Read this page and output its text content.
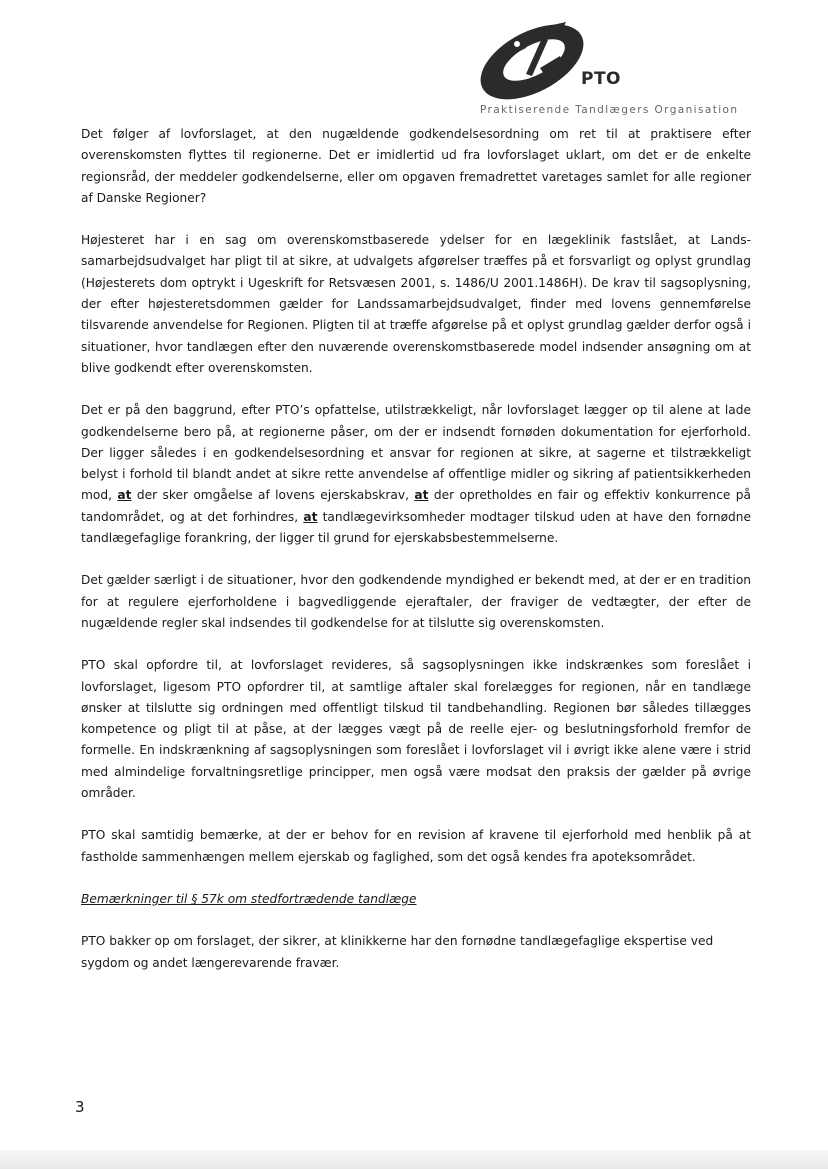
PTO
Praktiserende Tandlægers Organisation

Det følger af lovforslaget, at den nugældende godkendelsesordning om ret til at praktisere efter overenskomsten flyttes til regionerne. Det er imidlertid ud fra lovforslaget uklart, om det er de enkelte regionsråd, der meddeler godkendelserne, eller om opgaven fremadrettet varetages samlet for alle regioner af Danske Regioner?

Højesteret har i en sag om overenskomstbaserede ydelser for en lægeklinik fastslået, at Lands-samarbejdsudvalget har pligt til at sikre, at udvalgets afgørelser træffes på et forsvarligt og oplyst grundlag (Højesterets dom optrykt i Ugeskrift for Retsvæsen 2001, s. 1486/U 2001.1486H). De krav til sagsoplysning, der efter højesteretsdommen gælder for Landssamarbejdsudvalget, finder med lovens gennemførelse tilsvarende anvendelse for Regionen. Pligten til at træffe afgørelse på et oplyst grundlag gælder derfor også i situationer, hvor tandlægen efter den nuværende overenskomstbaserede model indsender ansøgning om at blive godkendt efter overenskomsten.

Det er på den baggrund, efter PTO’s opfattelse, utilstrækkeligt, når lovforslaget lægger op til alene at lade godkendelserne bero på, at regionerne påser, om der er indsendt fornøden dokumentation for ejerforhold. Der ligger således i en godkendelsesordning et ansvar for regionen at sikre, at sagerne et tilstrækkeligt belyst i forhold til blandt andet at sikre rette anvendelse af offentlige midler og sikring af patientsikkerheden mod, at der sker omgåelse af lovens ejerskabskrav, at der opretholdes en fair og effektiv konkurrence på tandområdet, og at det forhindres, at tandlægevirksomheder modtager tilskud uden at have den fornødne tandlægefaglige forankring, der ligger til grund for ejerskabsbestemmelserne.

Det gælder særligt i de situationer, hvor den godkendende myndighed er bekendt med, at der er en tradition for at regulere ejerforholdene i bagvedliggende ejeraftaler, der fraviger de vedtægter, der efter de nugældende regler skal indsendes til godkendelse for at tilslutte sig overenskomsten.

PTO skal opfordre til, at lovforslaget revideres, så sagsoplysningen ikke indskrænkes som foreslået i lovforslaget, ligesom PTO opfordrer til, at samtlige aftaler skal forelægges for regionen, når en tandlæge ønsker at tilslutte sig ordningen med offentligt tilskud til tandbehandling. Regionen bør således tillægges kompetence og pligt til at påse, at der lægges vægt på de reelle ejer- og beslutningsforhold fremfor de formelle. En indskrænkning af sagsoplysningen som foreslået i lovforslaget vil i øvrigt ikke alene være i strid med almindelige forvaltningsretlige principper, men også være modsat den praksis der gælder på øvrige områder.

PTO skal samtidig bemærke, at der er behov for en revision af kravene til ejerforhold med henblik på at fastholde sammenhængen mellem ejerskab og faglighed, som det også kendes fra apoteksområdet.

Bemærkninger til § 57k om stedfortrædende tandlæge

PTO bakker op om forslaget, der sikrer, at klinikkerne har den fornødne tandlægefaglige ekspertise ved sygdom og andet længerevarende fravær.

3
